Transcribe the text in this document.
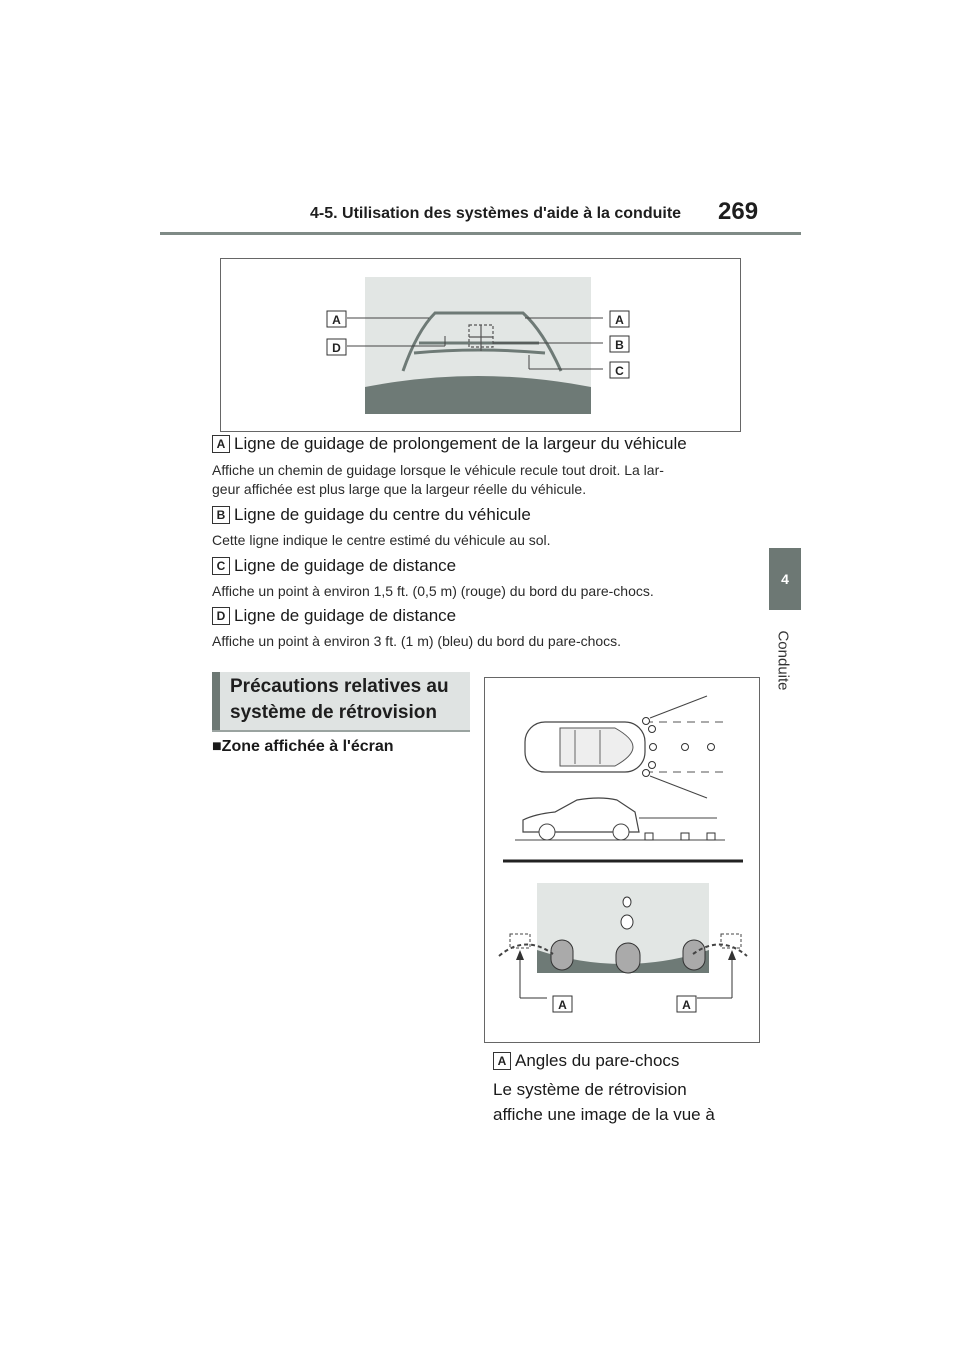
4-5. Utilisation des systèmes d'aide à la conduite 269
4
Conduite
A
D
A
B
C
A Ligne de guidage de prolongement de la largeur du véhicule
Affiche un chemin de guidage lorsque le véhicule recule tout droit. La lar-
geur affichée est plus large que la largeur réelle du véhicule.
B Ligne de guidage du centre du véhicule
Cette ligne indique le centre estimé du véhicule au sol.
C Ligne de guidage de distance
Affiche un point à environ 1,5 ft. (0,5 m) (rouge) du bord du pare-chocs.
D Ligne de guidage de distance
Affiche un point à environ 3 ft. (1 m) (bleu) du bord du pare-chocs.
Précautions relatives au
système de rétrovision
■Zone affichée à l'écran
A	A
A Angles du pare-chocs
Le système de rétrovision
affiche une image de la vue à
